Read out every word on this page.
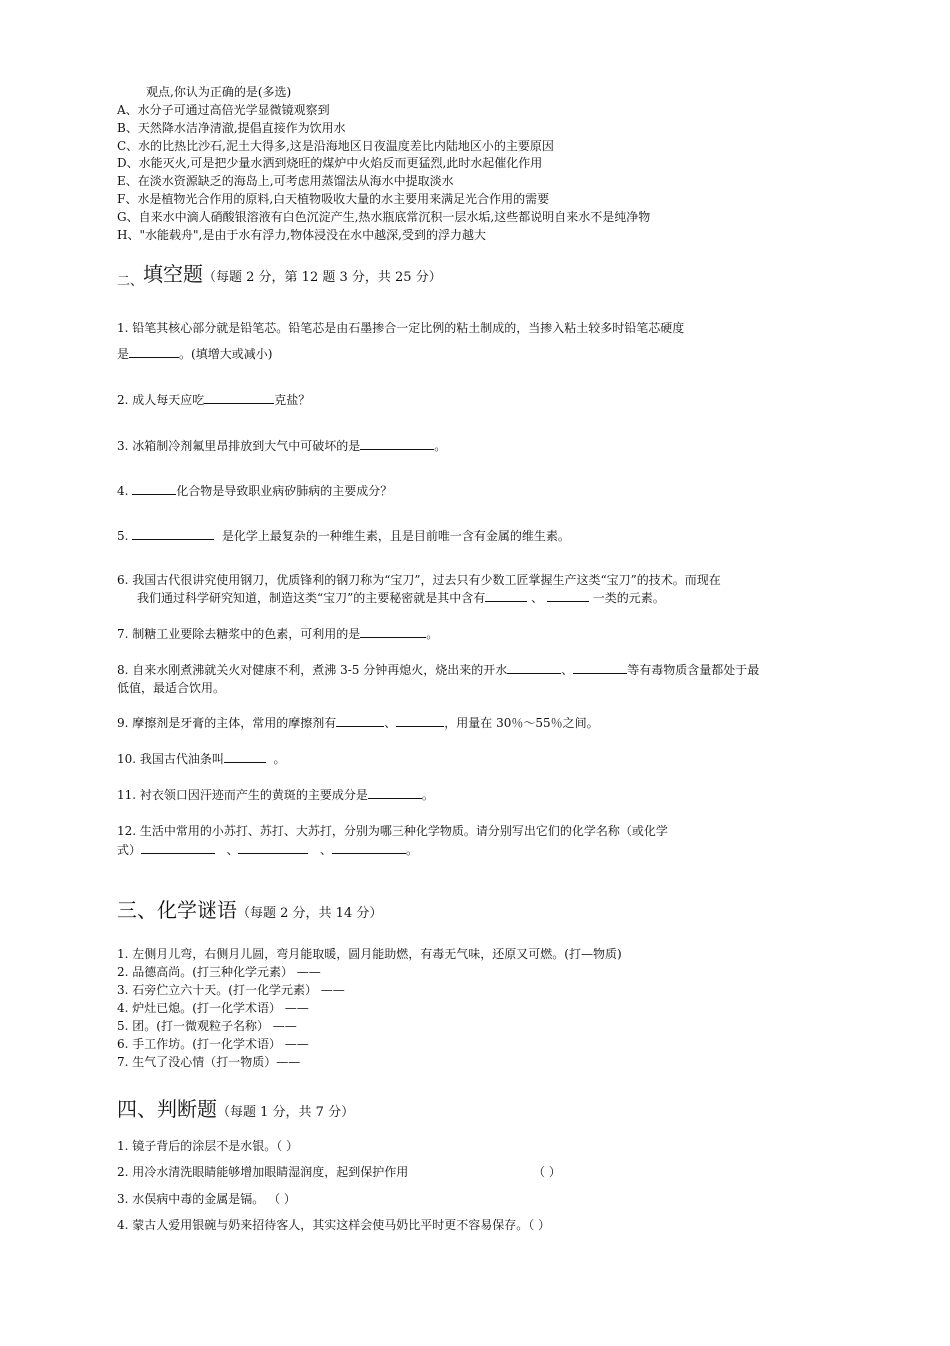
观点,你认为正确的是(多选)
A、水分子可通过高倍光学显微镜观察到
B、天然降水洁净清澈,提倡直接作为饮用水
C、水的比热比沙石,泥土大得多,这是沿海地区日夜温度差比内陆地区小的主要原因
D、水能灭火,可是把少量水洒到烧旺的煤炉中火焰反而更猛烈,此时水起催化作用
E、在淡水资源缺乏的海岛上,可考虑用蒸馏法从海水中提取淡水
F、水是植物光合作用的原料,白天植物吸收大量的水主要用来满足光合作用的需要
G、自来水中滴人硝酸银溶液有白色沉淀产生,热水瓶底常沉积一层水垢,这些都说明自来水不是纯净物
H、"水能载舟",是由于水有浮力,物体浸没在水中越深,受到的浮力越大
二、填空题（每题 2 分，第 12 题 3 分，共 25 分）
1. 铅笔其核心部分就是铅笔芯。铅笔芯是由石墨掺合一定比例的粘土制成的，当掺入粘土较多时铅笔芯硬度
是	。(填增大或减小)
2. 成人每天应吃	克盐？
3. 冰箱制冷剂氟里昂排放到大气中可破坏的是	。
4.	化合物是导致职业病矽肺病的主要成分？
5.	是化学上最复杂的一种维生素，且是目前唯一含有金属的维生素。
6. 我国古代很讲究使用钢刀，优质锋利的钢刀称为“宝刀”，过去只有少数工匠掌握生产这类“宝刀”的技术。而现在
我们通过科学研究知道，制造这类“宝刀”的主要秘密就是其中含有	、	一类的元素。
7. 制糖工业要除去糖浆中的色素，可利用的是	。
8. 自来水刚煮沸就关火对健康不利，煮沸 3-5 分钟再熄火，烧出来的开水	、	等有毒物质含量都处于最
低值，最适合饮用。
9. 摩擦剂是牙膏的主体，常用的摩擦剂有	、	，用量在 30％～55％之间。
10. 我国古代油条叫	。
11. 衬衣领口因汗迹而产生的黄斑的主要成分是	。
12. 生活中常用的小苏打、苏打、大苏打，分别为哪三种化学物质。请分别写出它们的化学名称（或化学
式）	、	、	。
三、化学谜语（每题 2 分，共 14 分）
1. 左侧月儿弯，右侧月儿圆，弯月能取暖，圆月能助燃，有毒无气味，还原又可燃。(打—物质)
2. 品德高尚。(打三种化学元素） ——
3. 石旁伫立六十天。(打一化学元素） ——
4. 炉灶已熄。(打一化学术语） ——
5. 团。(打一微观粒子名称） ——
6. 手工作坊。(打一化学术语） ——
7. 生气了没心情（打一物质）——
四、判断题（每题 1 分，共 7 分）
1. 镜子背后的涂层不是水银。（ ）
2. 用冷水清洗眼睛能够增加眼睛湿润度，起到保护作用	（ ）
3. 水俣病中毒的金属是镉。 （ ）
4. 蒙古人爱用银碗与奶来招待客人，其实这样会使马奶比平时更不容易保存。（ ）
